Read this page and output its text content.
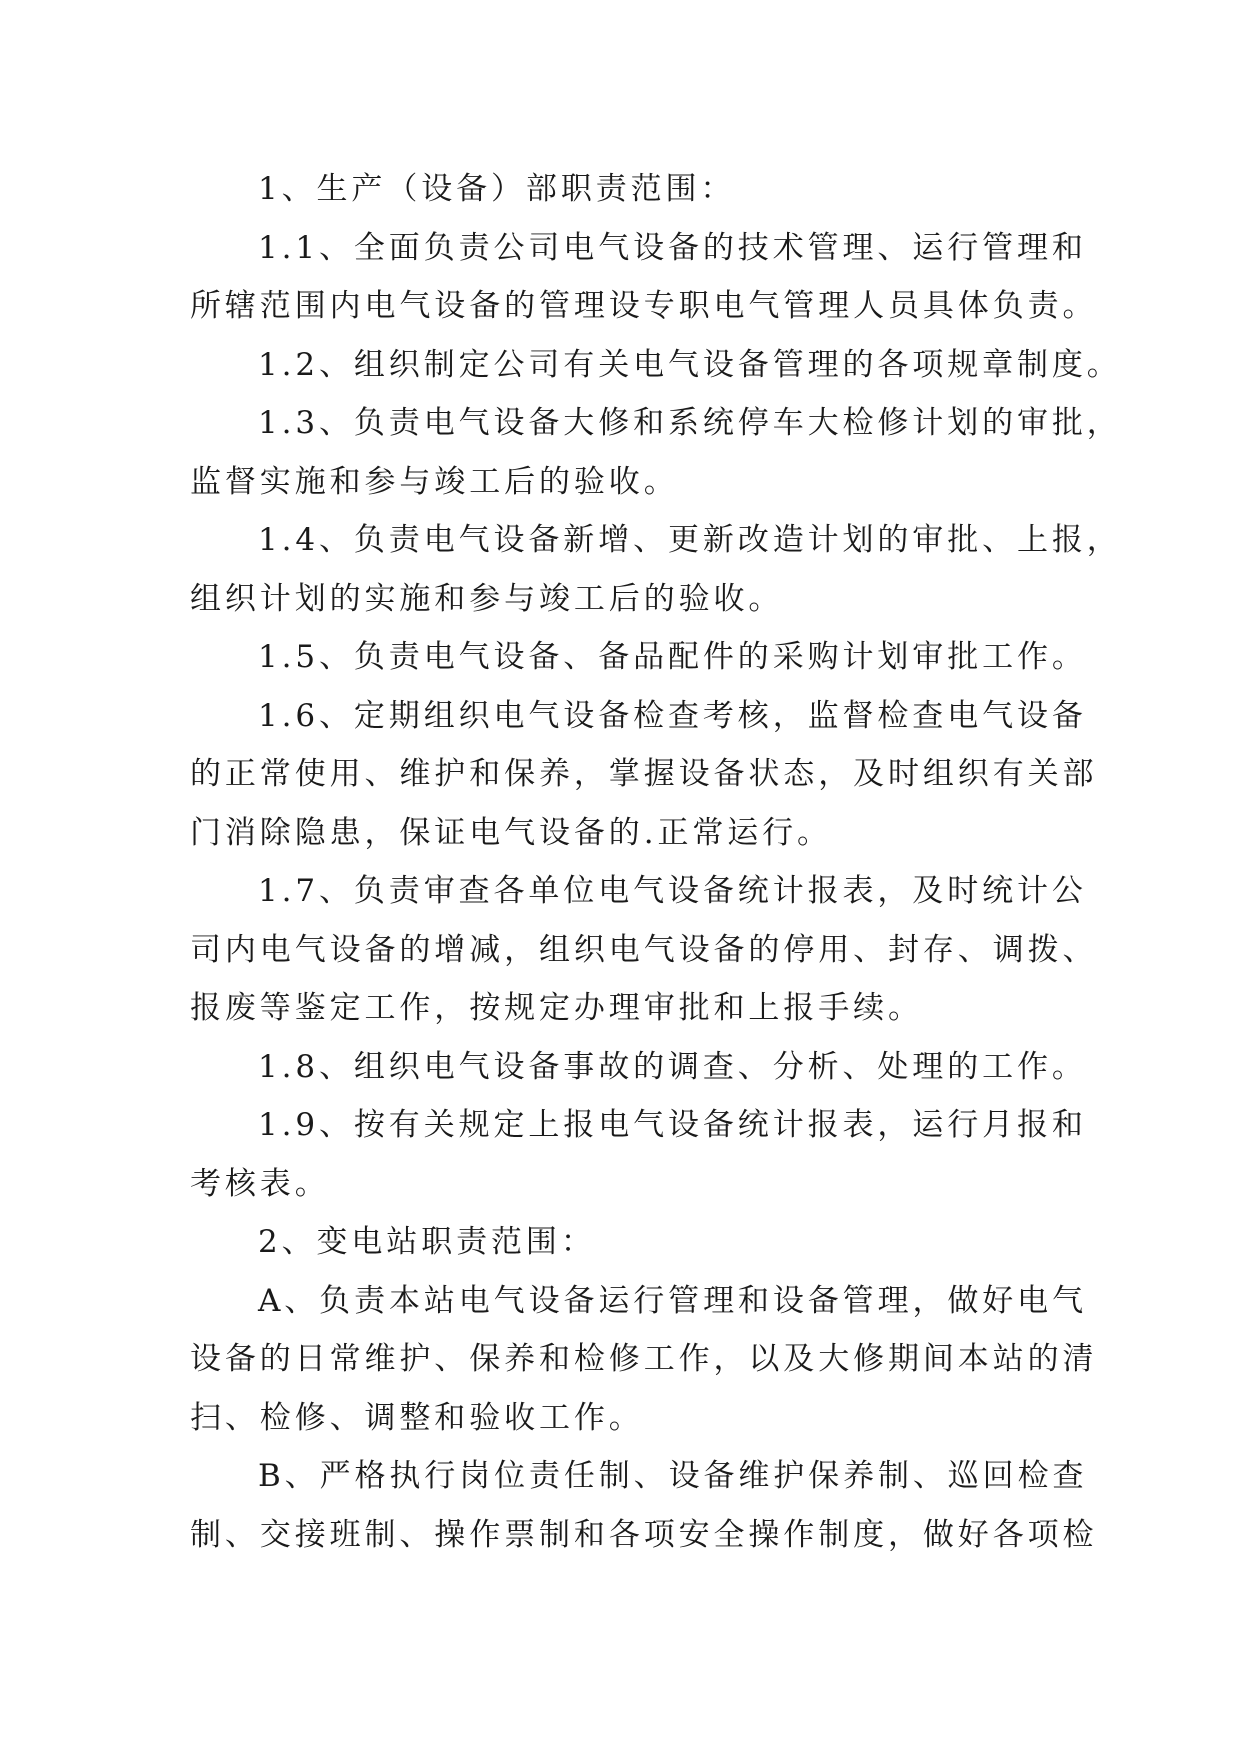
1、生产（设备）部职责范围：
1.1、全面负责公司电气设备的技术管理、运行管理和
所辖范围内电气设备的管理设专职电气管理人员具体负责。
1.2、组织制定公司有关电气设备管理的各项规章制度。
1.3、负责电气设备大修和系统停车大检修计划的审批，
监督实施和参与竣工后的验收。
1.4、负责电气设备新增、更新改造计划的审批、上报，
组织计划的实施和参与竣工后的验收。
1.5、负责电气设备、备品配件的采购计划审批工作。
1.6、定期组织电气设备检查考核，监督检查电气设备
的正常使用、维护和保养，掌握设备状态，及时组织有关部
门消除隐患，保证电气设备的.正常运行。
1.7、负责审查各单位电气设备统计报表，及时统计公
司内电气设备的增减，组织电气设备的停用、封存、调拨、
报废等鉴定工作，按规定办理审批和上报手续。
1.8、组织电气设备事故的调查、分析、处理的工作。
1.9、按有关规定上报电气设备统计报表，运行月报和
考核表。
2、变电站职责范围：
A、负责本站电气设备运行管理和设备管理，做好电气
设备的日常维护、保养和检修工作，以及大修期间本站的清
扫、检修、调整和验收工作。
B、严格执行岗位责任制、设备维护保养制、巡回检查
制、交接班制、操作票制和各项安全操作制度，做好各项检
